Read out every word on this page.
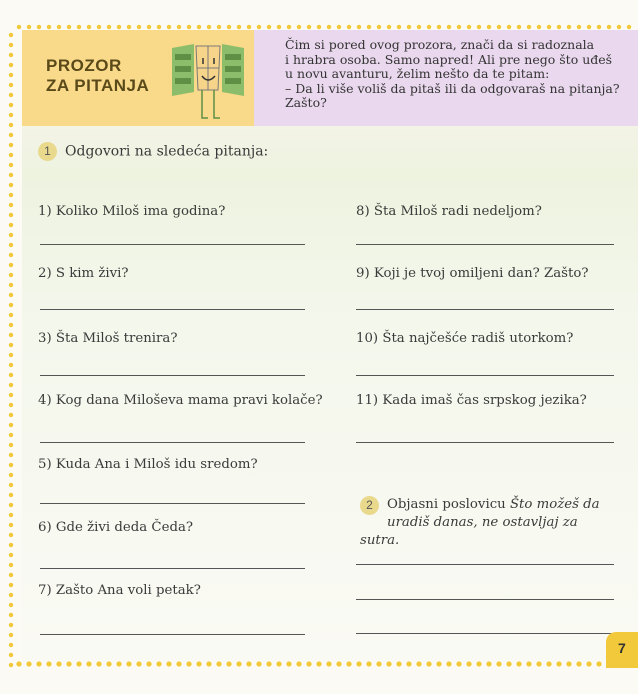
PROZOR
ZA PITANJA
Čim si pored ovog prozora, znači da si radoznala
i hrabra osoba. Samo napred! Ali pre nego što uđeš
u novu avanturu, želim nešto da te pitam:
– Da li više voliš da pitaš ili da odgovaraš na pitanja?
Zašto?
1 Odgovori na sledeća pitanja:
1) Koliko Miloš ima godina?
2) S kim živi?
3) Šta Miloš trenira?
4) Kog dana Miloševa mama pravi kolače?
5) Kuda Ana i Miloš idu sredom?
6) Gde živi deda Čeda?
7) Zašto Ana voli petak?
8) Šta Miloš radi nedeljom?
9) Koji je tvoj omiljeni dan? Zašto?
10) Šta najčešće radiš utorkom?
11) Kada imaš čas srpskog jezika?
2	Objasni poslovicu Što možeš da uradiš danas, ne ostavljaj za sutra.
7
